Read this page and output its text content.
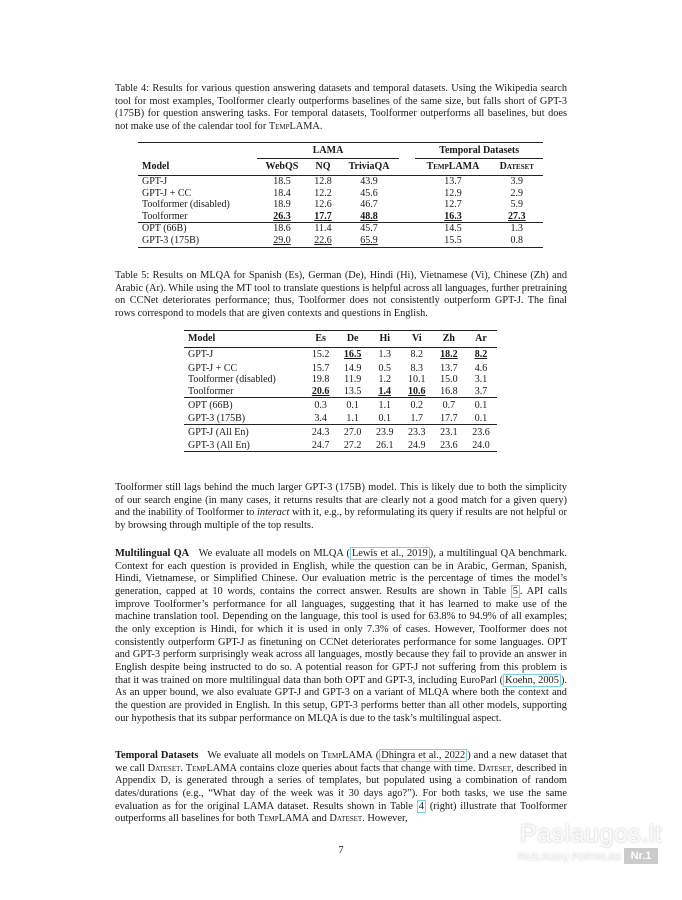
Table 4: Results for various question answering datasets and temporal datasets. Using the Wikipedia search tool for most examples, Toolformer clearly outperforms baselines of the same size, but falls short of GPT-3 (175B) for question answering tasks. For temporal datasets, Toolformer outperforms all baselines, but does not make use of the calendar tool for TempLAMA.
	LAMA				Temporal Datasets	
Model	WebQS	NQ	TriviaQA		TempLAMA	Dateset
GPT-J	18.5	12.8	43.9		13.7	3.9
GPT-J + CC	18.4	12.2	45.6		12.9	2.9
Toolformer (disabled)	18.9	12.6	46.7		12.7	5.9
Toolformer	26.3	17.7	48.8		16.3	27.3
OPT (66B)	18.6	11.4	45.7		14.5	1.3
GPT-3 (175B)	29.0	22.6	65.9		15.5	0.8
Table 5: Results on MLQA for Spanish (Es), German (De), Hindi (Hi), Vietnamese (Vi), Chinese (Zh) and Arabic (Ar). While using the MT tool to translate questions is helpful across all languages, further pretraining on CCNet deteriorates performance; thus, Toolformer does not consistently outperform GPT-J. The final rows correspond to models that are given contexts and questions in English.
Model	Es	De	Hi	Vi	Zh	Ar
GPT-J	15.2	16.5	1.3	8.2	18.2	8.2
GPT-J + CC	15.7	14.9	0.5	8.3	13.7	4.6
Toolformer (disabled)	19.8	11.9	1.2	10.1	15.0	3.1
Toolformer	20.6	13.5	1.4	10.6	16.8	3.7
OPT (66B)	0.3	0.1	1.1	0.2	0.7	0.1
GPT-3 (175B)	3.4	1.1	0.1	1.7	17.7	0.1
GPT-J (All En)	24.3	27.0	23.9	23.3	23.1	23.6
GPT-3 (All En)	24.7	27.2	26.1	24.9	23.6	24.0
Toolformer still lags behind the much larger GPT-3 (175B) model. This is likely due to both the simplicity of our search engine (in many cases, it returns results that are clearly not a good match for a given query) and the inability of Toolformer to interact with it, e.g., by reformulating its query if results are not helpful or by browsing through multiple of the top results.
Multilingual QA We evaluate all models on MLQA ( Lewis et al., 2019 ), a multilingual QA benchmark. Context for each question is provided in English, while the question can be in Arabic, German, Spanish, Hindi, Vietnamese, or Simplified Chinese. Our evaluation metric is the percentage of times the model’s generation, capped at 10 words, contains the correct answer. Results are shown in Table 5 . API calls improve Toolformer’s performance for all languages, suggesting that it has learned to make use of the machine translation tool. Depending on the language, this tool is used for 63.8% to 94.9% of all examples; the only exception is Hindi, for which it is used in only 7.3% of cases. However, Toolformer does not consistently outperform GPT-J as finetuning on CCNet deteriorates performance for some languages. OPT and GPT-3 perform surprisingly weak across all languages, mostly because they fail to provide an answer in English despite being instructed to do so. A potential reason for GPT-J not suffering from this problem is that it was trained on more multilingual data than both OPT and GPT-3, including EuroParl ( Koehn, 2005 ). As an upper bound, we also evaluate GPT-J and GPT-3 on a variant of MLQA where both the context and the question are provided in English. In this setup, GPT-3 performs better than all other models, supporting our hypothesis that its subpar performance on MLQA is due to the task’s multilingual aspect.
Temporal Datasets We evaluate all models on TempLAMA ( Dhingra et al., 2022 ) and a new dataset that we call Dateset. TempLAMA contains cloze queries about facts that change with time. Dateset, described in Appendix D, is generated through a series of templates, but populated using a combination of random dates/durations (e.g., “What day of the week was it 30 days ago?”). For both tasks, we use the same evaluation as for the original LAMA dataset. Results shown in Table 4 (right) illustrate that Toolformer outperforms all baselines for both TempLAMA and Dateset. However,
7
Paslaugos.lt
PASLAUGŲ PORTALAS Nr.1
